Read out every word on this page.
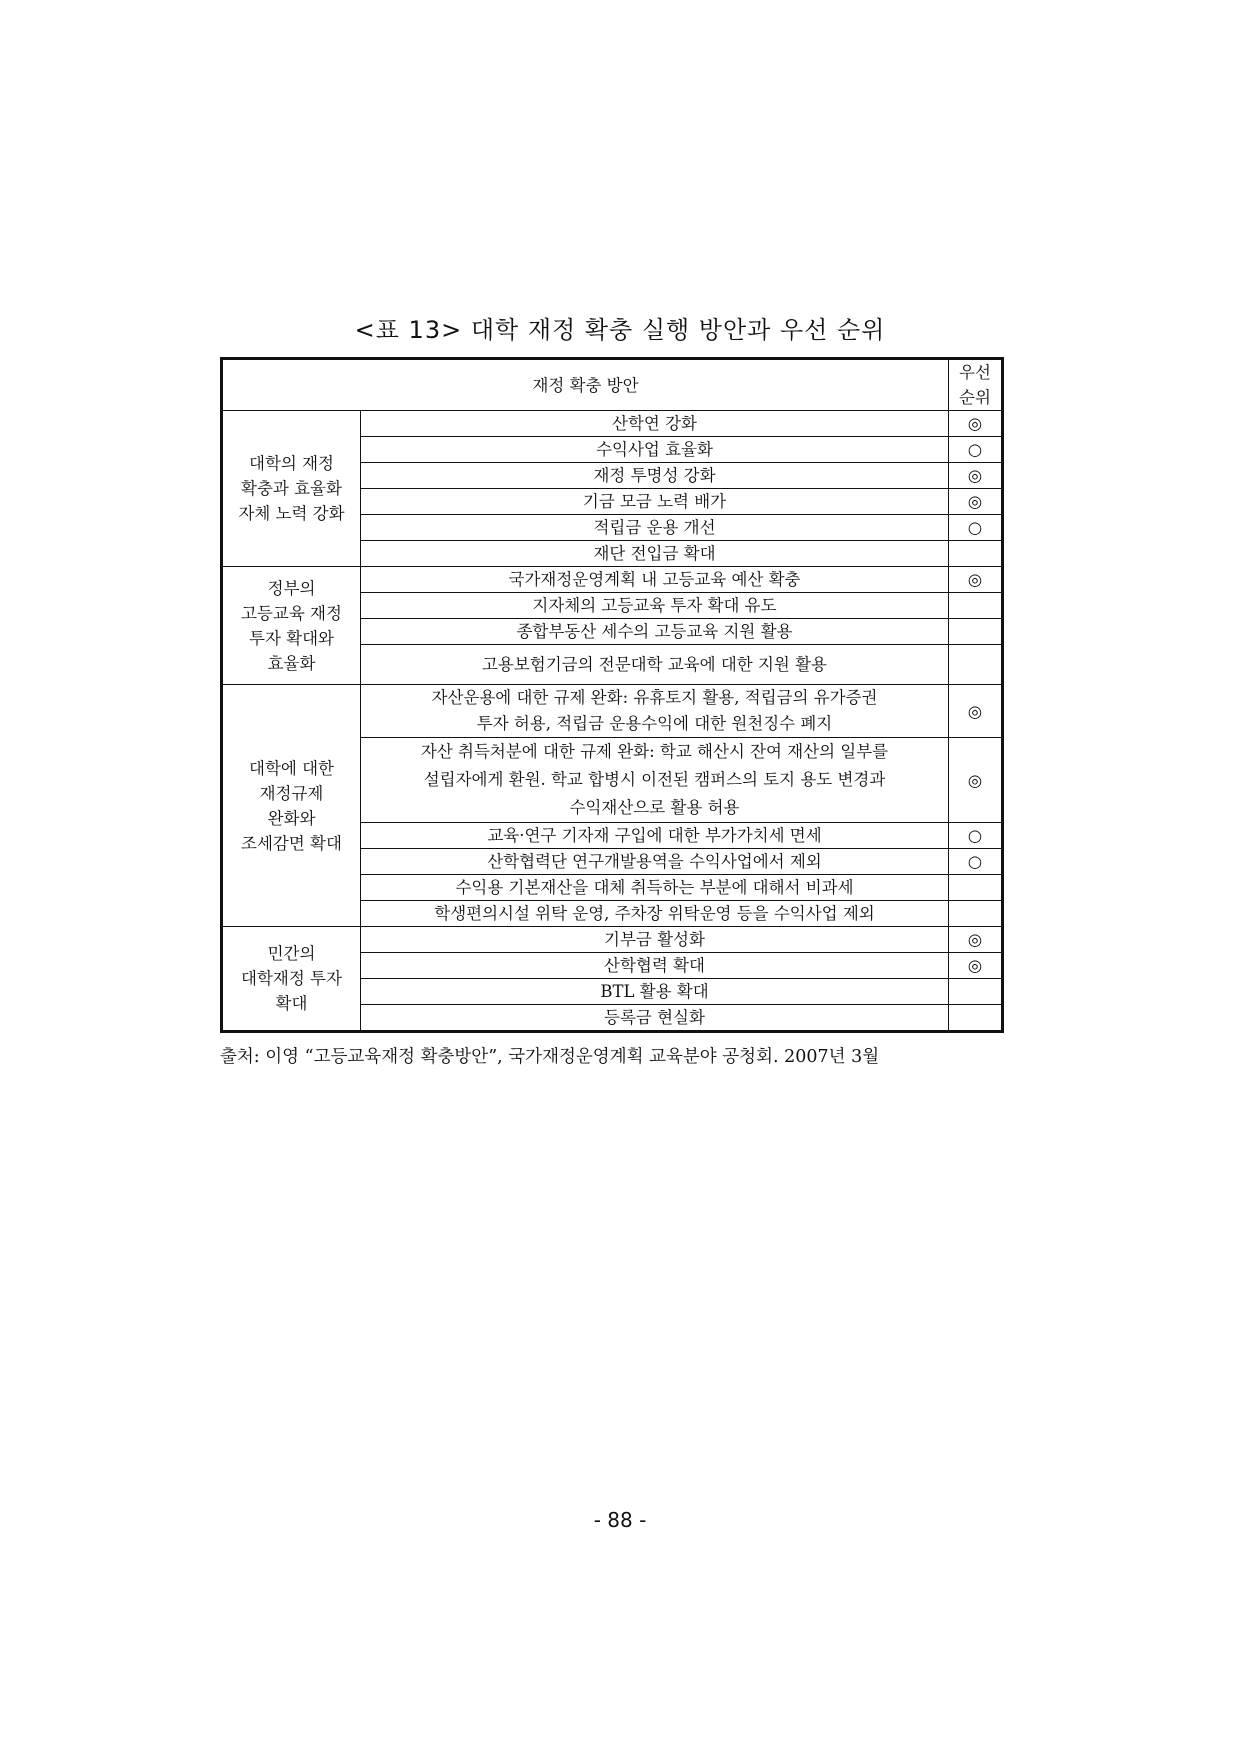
<표 13> 대학 재정 확충 실행 방안과 우선 순위
재정 확충 방안		우선
순위
대학의 재정
확충과 효율화
자체 노력 강화	산학연 강화	◎
	수익사업 효율화	○
	재정 투명성 강화	◎
	기금 모금 노력 배가	◎
	적립금 운용 개선	○
	재단 전입금 확대	
정부의
고등교육 재정
투자 확대와
효율화	국가재정운영계획 내 고등교육 예산 확충	◎
	지자체의 고등교육 투자 확대 유도	
	종합부동산 세수의 고등교육 지원 활용	
	고용보험기금의 전문대학 교육에 대한 지원 활용	
대학에 대한
재정규제
완화와
조세감면 확대	자산운용에 대한 규제 완화: 유휴토지 활용, 적립금의 유가증권
투자 허용, 적립금 운용수익에 대한 원천징수 폐지	◎
	자산 취득처분에 대한 규제 완화: 학교 해산시 잔여 재산의 일부를
설립자에게 환원. 학교 합병시 이전된 캠퍼스의 토지 용도 변경과
수익재산으로 활용 허용	◎
	교육·연구 기자재 구입에 대한 부가가치세 면세	○
	산학협력단 연구개발용역을 수익사업에서 제외	○
	수익용 기본재산을 대체 취득하는 부분에 대해서 비과세	
	학생편의시설 위탁 운영, 주차장 위탁운영 등을 수익사업 제외	
민간의
대학재정 투자
확대	기부금 활성화	◎
	산학협력 확대	◎
	BTL 활용 확대	
	등록금 현실화	
출처: 이영 “고등교육재정 확충방안”, 국가재정운영계획 교육분야 공청회. 2007년 3월
- 88 -
